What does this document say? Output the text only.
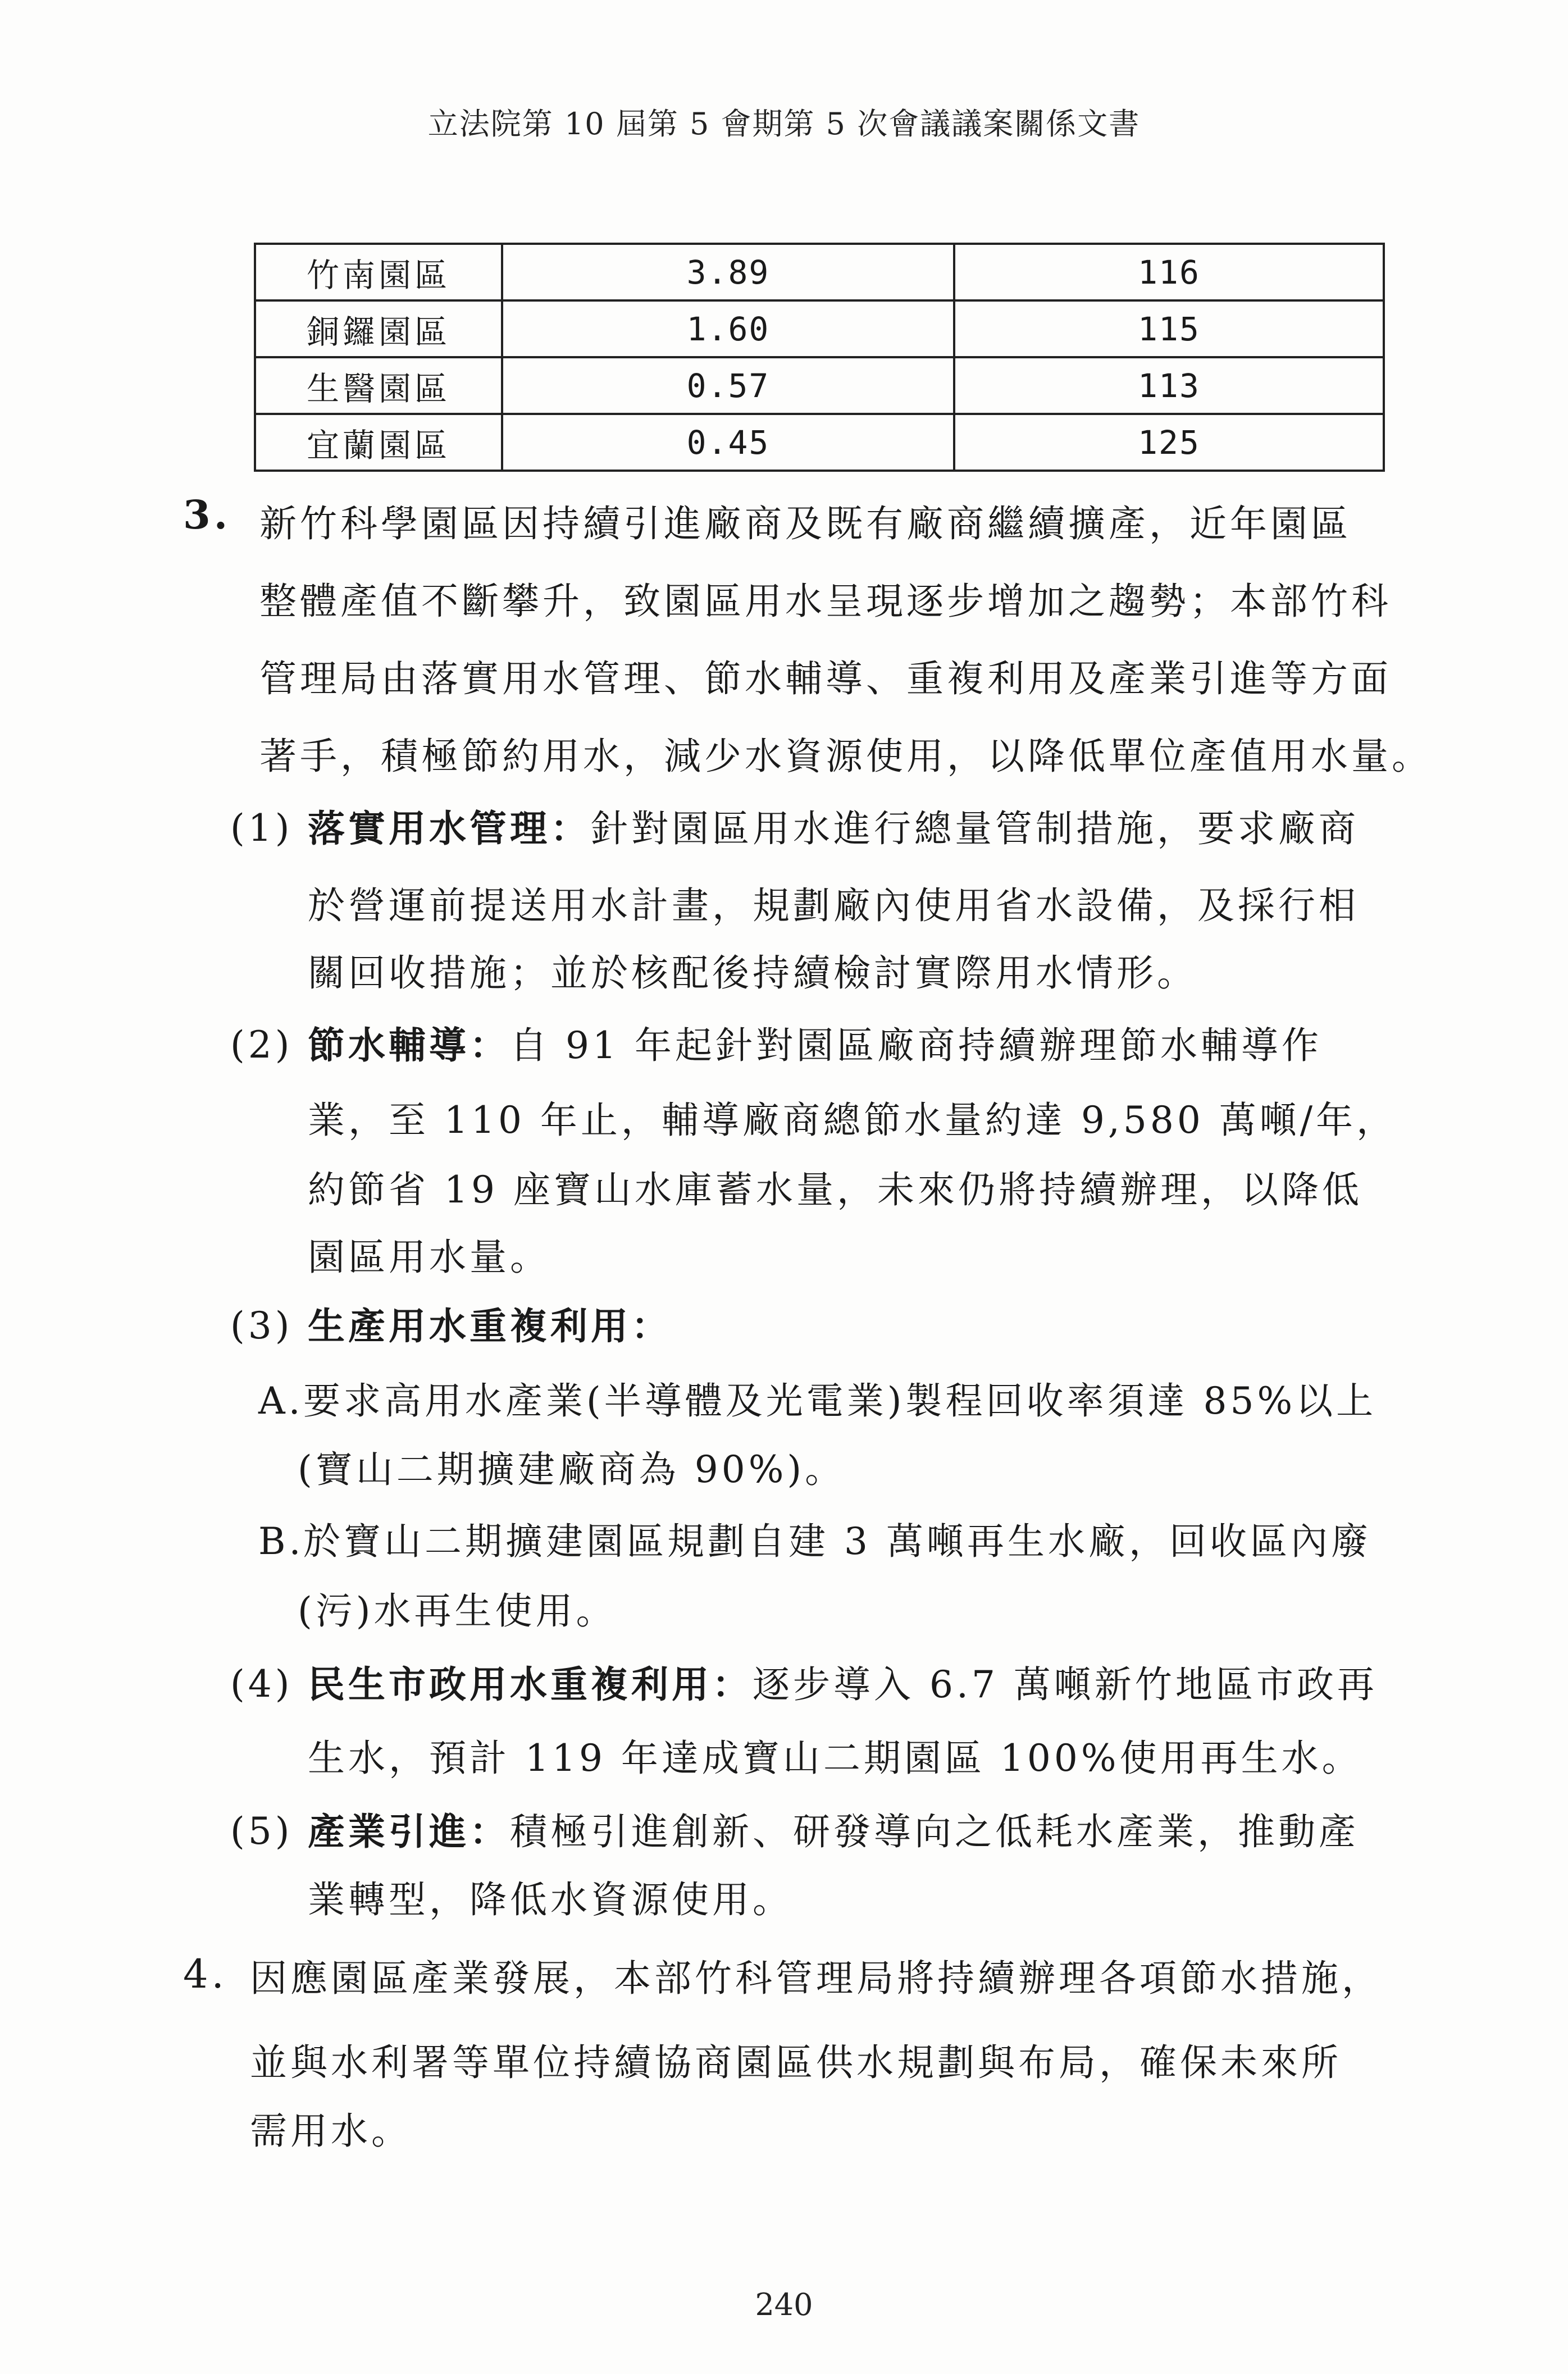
立法院第 10 屆第 5 會期第 5 次會議議案關係文書
竹南園區	3.89	116
銅鑼園區	1.60	115
生醫園區	0.57	113
宜蘭園區	0.45	125
3. 新竹科學園區因持續引進廠商及既有廠商繼續擴產，近年園區
整體產值不斷攀升，致園區用水呈現逐步增加之趨勢；本部竹科
管理局由落實用水管理、節水輔導、重複利用及產業引進等方面
著手，積極節約用水，減少水資源使用，以降低單位產值用水量。
(1) 落實用水管理：針對園區用水進行總量管制措施，要求廠商
於營運前提送用水計畫，規劃廠內使用省水設備，及採行相
關回收措施；並於核配後持續檢討實際用水情形。
(2) 節水輔導：自 91 年起針對園區廠商持續辦理節水輔導作
業，至 110 年止，輔導廠商總節水量約達 9,580 萬噸/年，
約節省 19 座寶山水庫蓄水量，未來仍將持續辦理，以降低
園區用水量。
(3) 生產用水重複利用：
A. 要求高用水產業(半導體及光電業)製程回收率須達 85%以上
(寶山二期擴建廠商為 90%)。
B.
於寶山二期擴建園區規劃自建 3 萬噸再生水廠，回收區內廢
(污)水再生使用。
(4) 民生市政用水重複利用：逐步導入 6.7 萬噸新竹地區市政再
生水，預計 119 年達成寶山二期園區 100%使用再生水。
(5) 產業引進：積極引進創新、研發導向之低耗水產業，推動產
業轉型，降低水資源使用。
4. 因應園區產業發展，本部竹科管理局將持續辦理各項節水措施，
並與水利署等單位持續協商園區供水規劃與布局，確保未來所
需用水。
240
